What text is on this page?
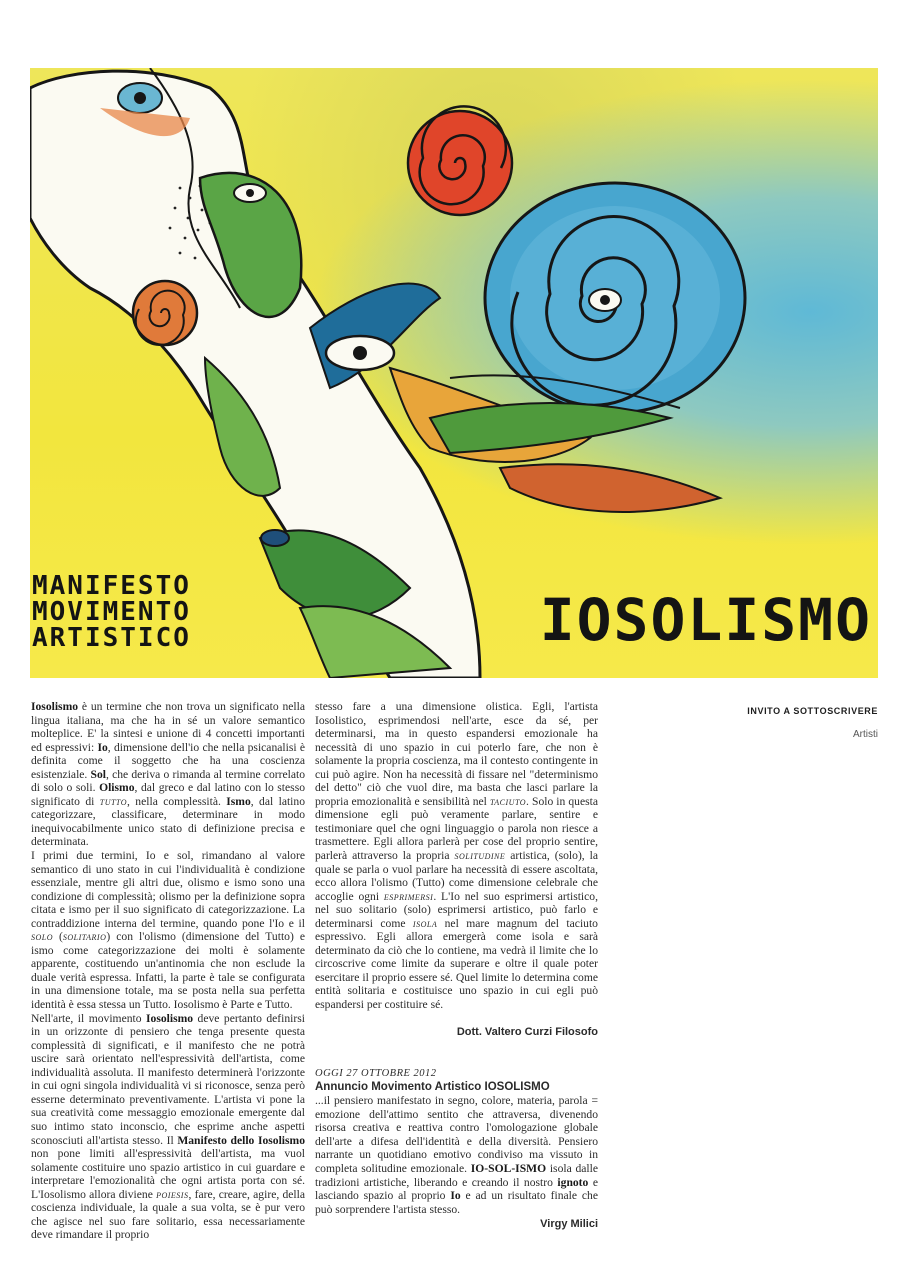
MANIFESTO
MOVIMENTO
ARTISTICO	IOSOLISMO

Iosolismo è un termine che non trova un significato nella lingua italiana, ma che ha in sé un valore semantico molteplice. E' la sintesi e unione di 4 concetti importanti ed espressivi: Io, dimensione dell'io che nella psicanalisi è definita come il soggetto che ha una coscienza esistenziale. Sol, che deriva o rimanda al termine correlato di solo o soli. Olismo, dal greco e dal latino con lo stesso significato di tutto, nella complessità. Ismo, dal latino categorizzare, classificare, determinare in modo inequivocabilmente unico stato di definizione precisa e determinata.
I primi due termini, Io e sol, rimandano al valore semantico di uno stato in cui l'individualità è condizione essenziale, mentre gli altri due, olismo e ismo sono una condizione di complessità; olismo per la definizione sopra citata e ismo per il suo significato di categorizzazione. La contraddizione interna del termine, quando pone l'Io e il solo (solitario) con l'olismo (dimensione del Tutto) e ismo come categorizzazione dei molti è solamente apparente, costituendo un'antinomia che non esclude la duale verità espressa. Infatti, la parte è tale se configurata in una dimensione totale, ma se posta nella sua perfetta identità è essa stessa un Tutto. Iosolismo è Parte e Tutto.
Nell'arte, il movimento Iosolismo deve pertanto definirsi in un orizzonte di pensiero che tenga presente questa complessità di significati, e il manifesto che ne potrà uscire sarà orientato nell'espressività dell'artista, come individualità assoluta. Il manifesto determinerà l'orizzonte in cui ogni singola individualità vi si riconosce, senza però esserne determinato preventivamente. L'artista vi pone la sua creatività come messaggio emozionale emergente dal suo intimo stato inconscio, che esprime anche aspetti sconosciuti all'artista stesso. Il Manifesto dello Iosolismo non pone limiti all'espressività dell'artista, ma vuol solamente costituire uno spazio artistico in cui guardare e interpretare l'emozionalità che ogni artista porta con sé. L'Iosolismo allora diviene poiesis, fare, creare, agire, della coscienza individuale, la quale a sua volta, se è pur vero che agisce nel suo fare solitario, essa necessariamente deve rimandare il proprio

stesso fare a una dimensione olistica. Egli, l'artista Iosolistico, esprimendosi nell'arte, esce da sé, per determinarsi, ma in questo espandersi emozionale ha necessità di uno spazio in cui poterlo fare, che non è solamente la propria coscienza, ma il contesto contingente in cui può agire. Non ha necessità di fissare nel "determinismo del detto" ciò che vuol dire, ma basta che lasci parlare la propria emozionalità e sensibilità nel taciuto. Solo in questa dimensione egli può veramente parlare, sentire e testimoniare quel che ogni linguaggio o parola non riesce a trasmettere. Egli allora parlerà per cose del proprio sentire, parlerà attraverso la propria solitudine artistica, (solo), la quale se parla o vuol parlare ha necessità di essere ascoltata, ecco allora l'olismo (Tutto) come dimensione celebrale che accoglie ogni esprimersi. L'Io nel suo esprimersi artistico, nel suo solitario (solo) esprimersi artistico, può farlo e determinarsi come isola nel mare magnum del taciuto espressivo. Egli allora emergerà come isola e sarà determinato da ciò che lo contiene, ma vedrà il limite che lo circoscrive come limite da superare e oltre il quale poter esercitare il proprio essere sé. Quel limite lo determina come entità solitaria e costituisce uno spazio in cui egli può espandersi per costituire sé.

Dott. Valtero Curzi Filosofo
OGGI 27 OTTOBRE 2012
Annuncio Movimento Artistico IOSOLISMO

...il pensiero manifestato in segno, colore, materia, parola = emozione dell'attimo sentito che attraversa, divenendo risorsa creativa e reattiva contro l'omologazione globale dell'arte a difesa dell'identità e della diversità. Pensiero narrante un quotidiano emotivo condiviso ma vissuto in completa solitudine emozionale. IO-SOL-ISMO isola dalle tradizioni artistiche, liberando e creando il nostro ignoto e lasciando spazio al proprio Io e ad un risultato finale che può sorprendere l'artista stesso.

Virgy Milici
INVITO A SOTTOSCRIVERE
Artisti
